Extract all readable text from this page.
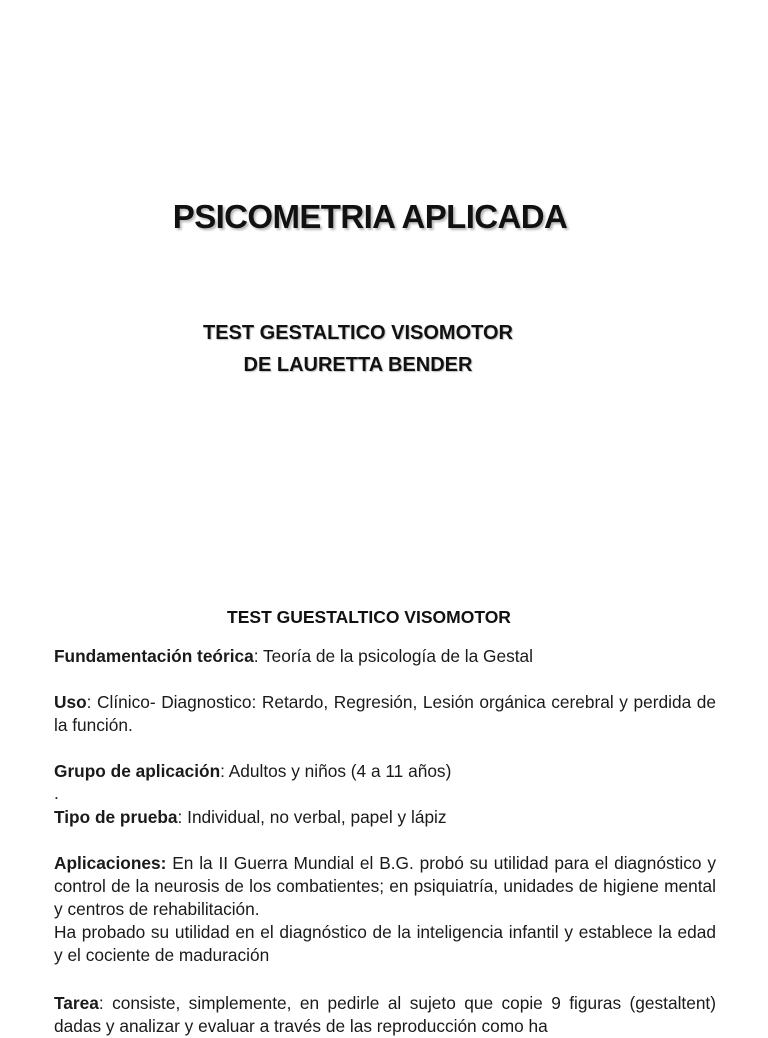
PSICOMETRIA APLICADA
TEST GESTALTICO VISOMOTOR
DE LAURETTA BENDER
TEST GUESTALTICO VISOMOTOR
Fundamentación teórica: Teoría de la psicología de la Gestal
Uso: Clínico- Diagnostico: Retardo, Regresión, Lesión orgánica cerebral y perdida de la función.
Grupo de aplicación: Adultos y niños (4 a 11 años)
.
Tipo de prueba: Individual, no verbal, papel y lápiz
Aplicaciones: En la II Guerra Mundial el B.G. probó su utilidad para el diagnóstico y control de la neurosis de los combatientes; en psiquiatría, unidades de higiene mental y centros de rehabilitación.
Ha probado su utilidad en el diagnóstico de la inteligencia infantil y establece la edad y el cociente de maduración
Tarea: consiste, simplemente, en pedirle al sujeto que copie 9 figuras (gestaltent) dadas y analizar y evaluar a través de las reproducción como ha
